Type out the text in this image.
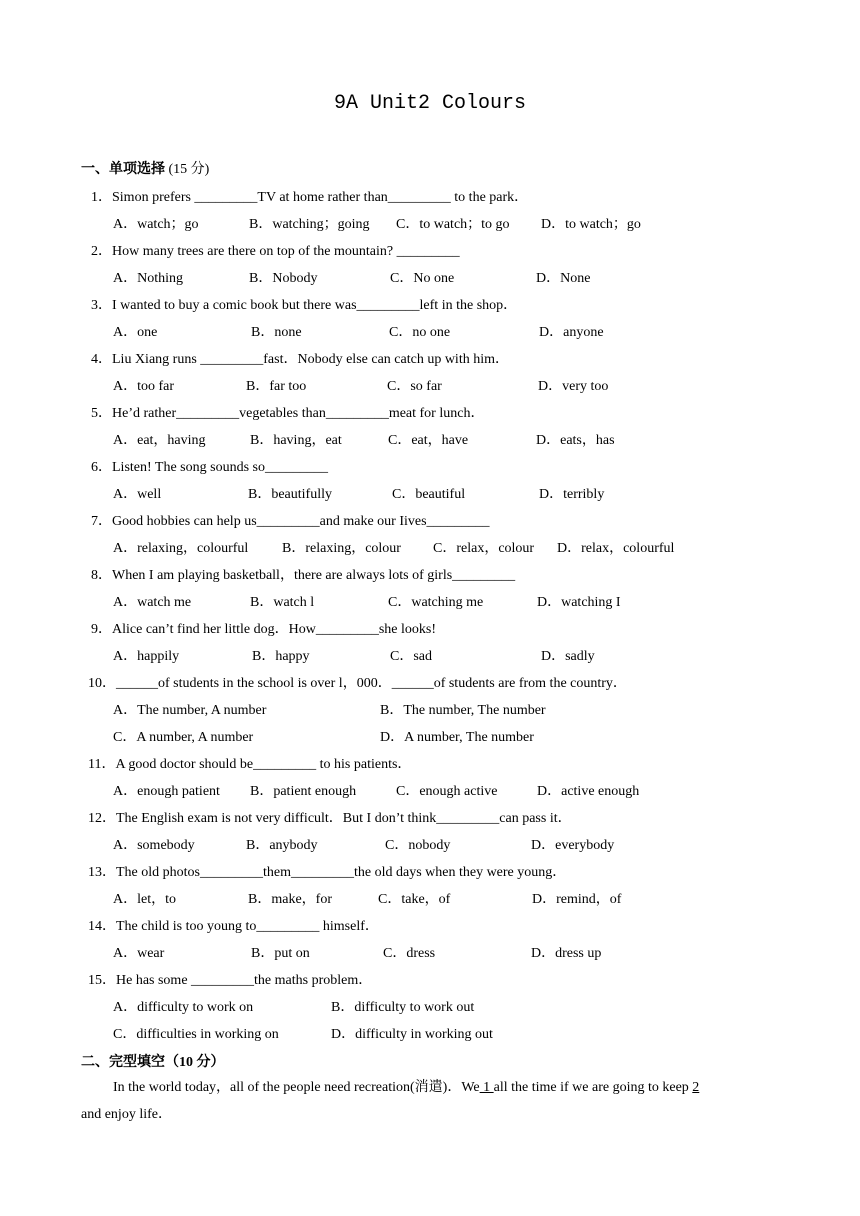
9A Unit2 Colours
一、单项选择 (15 分)
1．Simon prefers _________TV at home rather than_________ to the park．
A．watch；go	B．watching；going C．to watch；to go D．to watch；go
2．How many trees are there on top of the mountain? _________
A．Nothing	B．Nobody	C．No one	D．None
3．I wanted to buy a comic book but there was_________left in the shop．
A．one	B．none	C．no one	D．anyone
4．Liu Xiang runs _________fast．Nobody else can catch up with him．
A．too far	B．far too	C．so far	D．very too
5．He’d rather_________vegetables than_________meat for lunch．
A．eat，having	B．having，eat	C．eat，have	D．eats，has
6．Listen! The song sounds so_________
A．well	B．beautifully	C．beautiful	D．terribly
7．Good hobbies can help us_________and make our Iives_________
A．relaxing，colourful B．relaxing，colour C．relax，colour D．relax，colourful
8．When I am playing basketball，there are always lots of girls_________
A．watch me	B．watch l	C．watching me	D．watching I
9．Alice can’t find her little dog．How_________she looks!
A．happily	B．happy	C．sad	D．sadly
10．______of students in the school is over l，000．______of students are from the country．
A．The number, A number	B．The number, The number
C．A number, A number	D．A number, The number
11．A good doctor should be_________ to his patients．
A．enough patient B．patient enough	C．enough active	D．active enough
12．The English exam is not very difficult．But I don’t think_________can pass it．
A．somebody	B．anybody	C．nobody	D．everybody
13．The old photos_________them_________the old days when they were young．
A．let，to	B．make，for	C．take，of	D．remind，of
14．The child is too young to_________ himself．
A．wear	B．put on	C．dress	D．dress up
15．He has some _________the maths problem．
A．difficulty to work on	B．difficulty to work out
C．difficulties in working on	D．difficulty in working out
二、完型填空（10 分）
In the world today，all of the people need recreation(消遣)．We 1 all the time if we are going to keep 2
and enjoy life．
